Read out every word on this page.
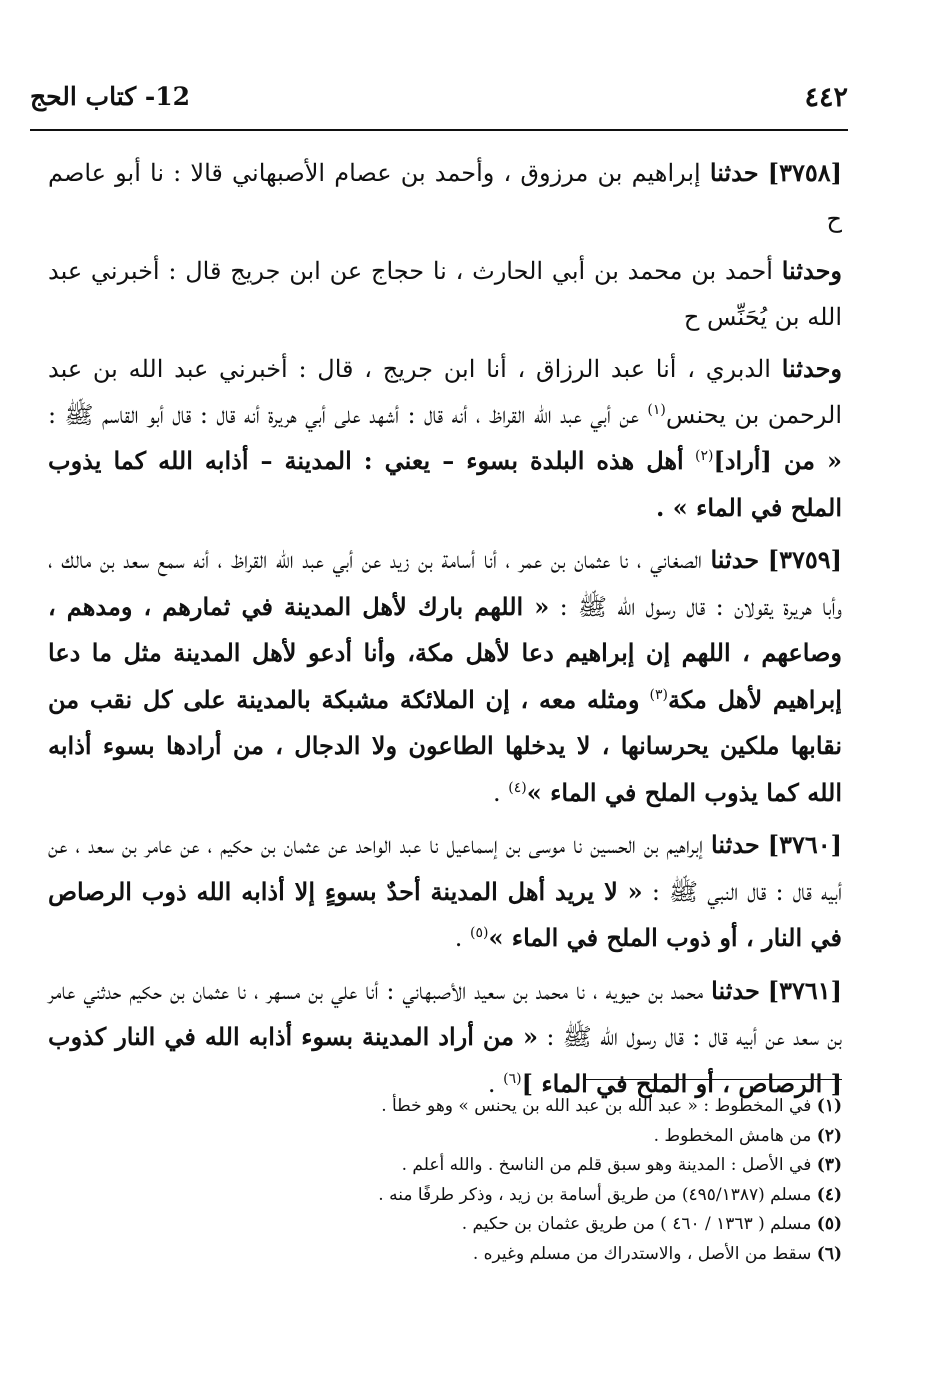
٤٤٢
12- كتاب الحج

[٣٧٥٨] حدثنا إبراهيم بن مرزوق ، وأحمد بن عصام الأصبهاني قالا : نا أبو عاصم ح

وحدثنا أحمد بن محمد بن أبي الحارث ، نا حجاج عن ابن جريج قال : أخبرني عبد الله بن يُحَنِّس ح

وحدثنا الدبري ، أنا عبد الرزاق ، أنا ابن جريج ، قال : أخبرني عبد الله بن عبد الرحمن بن يحنس$^{(١)}$ عن أبي عبد الله القراظ ، أنه قال : أشهد على أبي هريرة أنه قال : قال أبو القاسم ﷺ : « من [أراد]$^{(٢)}$ أهل هذه البلدة بسوء – يعني : المدينة – أذابه الله كما يذوب الملح في الماء » .

[٣٧٥٩] حدثنا الصغاني ، نا عثمان بن عمر ، أنا أسامة بن زيد عن أبي عبد الله القراظ ، أنه سمع سعد بن مالك ، وأبا هريرة يقولان : قال رسول الله ﷺ : « اللهم بارك لأهل المدينة في ثمارهم ، ومدهم ، وصاعهم ، اللهم إن إبراهيم دعا لأهل مكة، وأنا أدعو لأهل المدينة مثل ما دعا إبراهيم لأهل مكة$^{(٣)}$ ومثله معه ، إن الملائكة مشبكة بالمدينة على كل نقب من نقابها ملكين يحرسانها ، لا يدخلها الطاعون ولا الدجال ، من أرادها بسوء أذابه الله كما يذوب الملح في الماء »$^{(٤)}$ .

[٣٧٦٠] حدثنا إبراهيم بن الحسين نا موسى بن إسماعيل نا عبد الواحد عن عثمان بن حكيم ، عن عامر بن سعد ، عن أبيه قال : قال النبي ﷺ : « لا يريد أهل المدينة أحدٌ بسوءٍ إلا أذابه الله ذوب الرصاص في النار ، أو ذوب الملح في الماء »$^{(٥)}$ .

[٣٧٦١] حدثنا محمد بن حيويه ، نا محمد بن سعيد الأصبهاني : أنا علي بن مسهر ، نا عثمان بن حكيم حدثني عامر بن سعد عن أبيه قال : قال رسول الله ﷺ : « من أراد المدينة بسوء أذابه الله في النار كذوب [ الرصاص ، أو الملح في الماء ]$^{(٦)}$ .

(١) في المخطوط : « عبد الله بن عبد الله بن يحنس » وهو خطأ .

(٢) من هامش المخطوط .

(٣) في الأصل : المدينة وهو سبق قلم من الناسخ . والله أعلم .

(٤) مسلم (٤٩٥/١٣٨٧) من طريق أسامة بن زيد ، وذكر طرفًا منه .

(٥) مسلم ( ١٣٦٣ / ٤٦٠ ) من طريق عثمان بن حكيم .

(٦) سقط من الأصل ، والاستدراك من مسلم وغيره .
